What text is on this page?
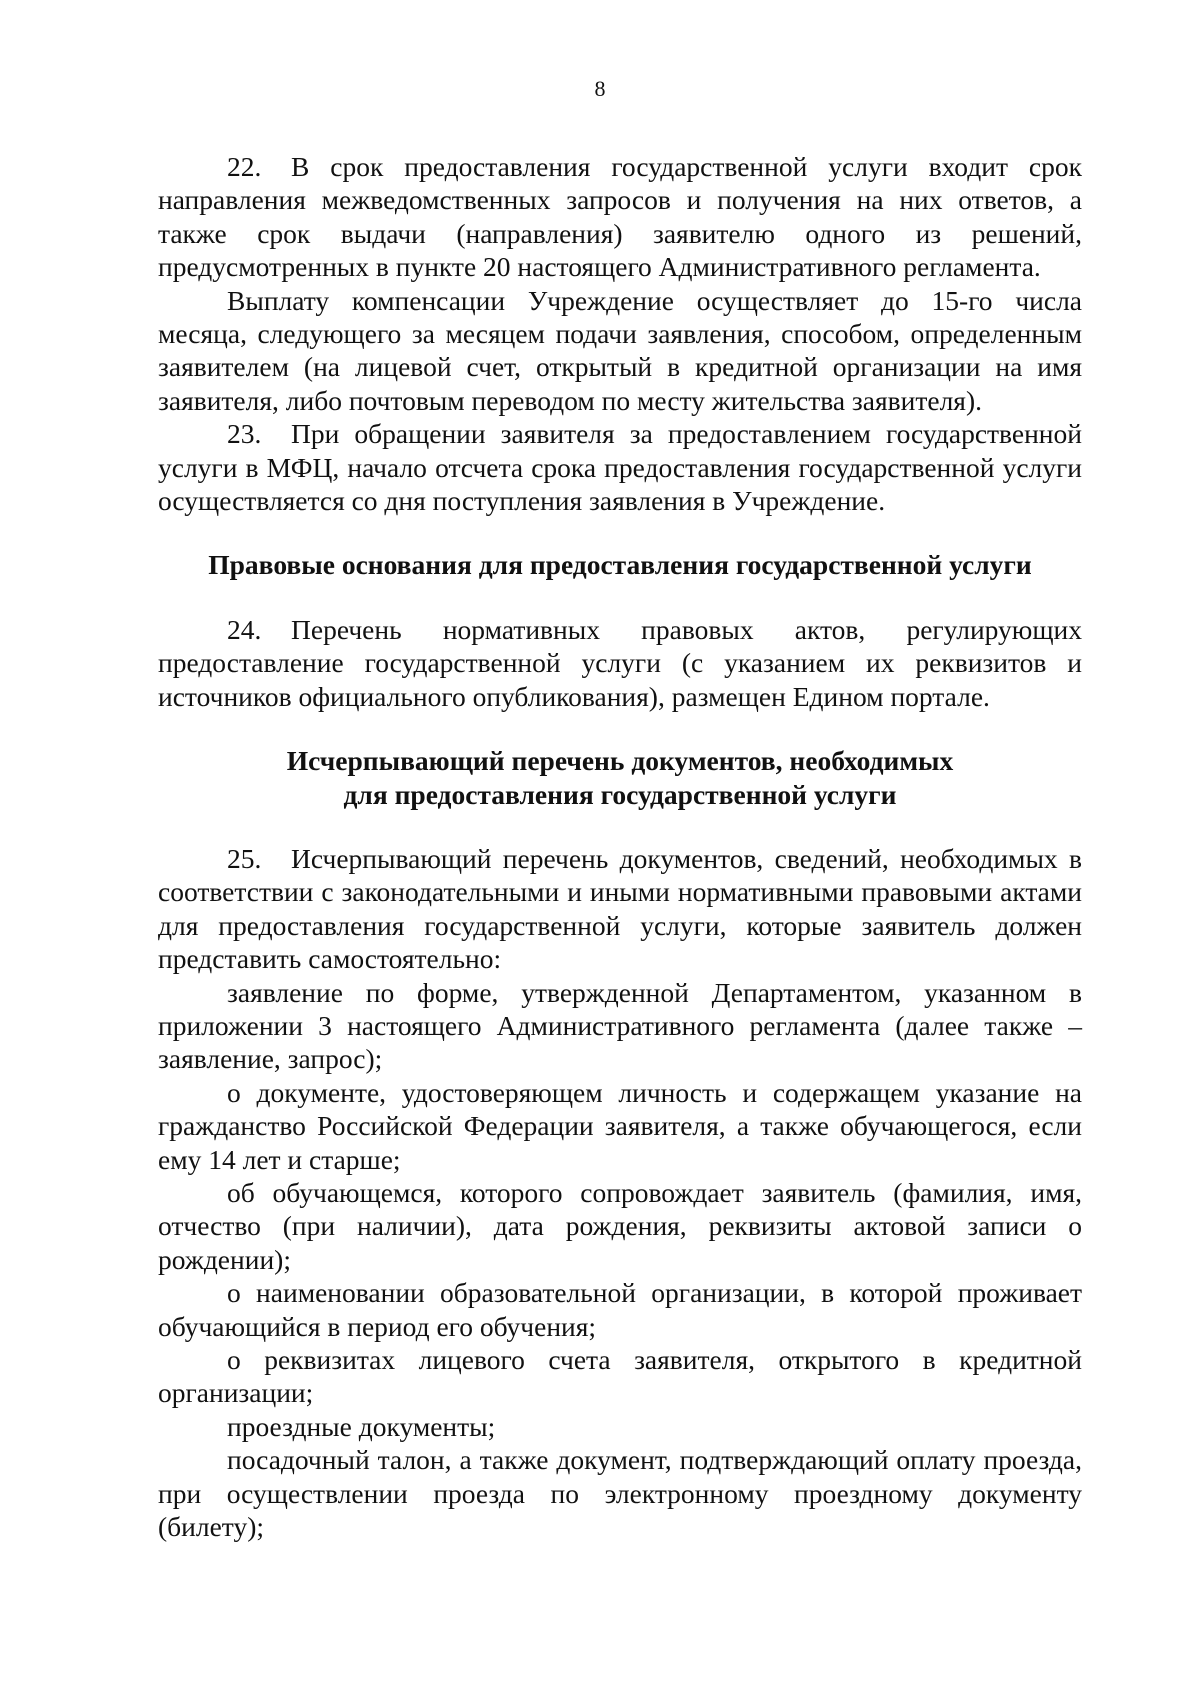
8

22. В срок предоставления государственной услуги входит срок направления межведомственных запросов и получения на них ответов, а также срок выдачи (направления) заявителю одного из решений, предусмотренных в пункте 20 настоящего Административного регламента.

Выплату компенсации Учреждение осуществляет до 15-го числа месяца, следующего за месяцем подачи заявления, способом, определенным заявителем (на лицевой счет, открытый в кредитной организации на имя заявителя, либо почтовым переводом по месту жительства заявителя).

23. При обращении заявителя за предоставлением государственной услуги в МФЦ, начало отсчета срока предоставления государственной услуги осуществляется со дня поступления заявления в Учреждение.

Правовые основания для предоставления государственной услуги

24. Перечень нормативных правовых актов, регулирующих предоставление государственной услуги (с указанием их реквизитов и источников официального опубликования), размещен Едином портале.

Исчерпывающий перечень документов, необходимых
для предоставления государственной услуги

25. Исчерпывающий перечень документов, сведений, необходимых в соответствии с законодательными и иными нормативными правовыми актами для предоставления государственной услуги, которые заявитель должен представить самостоятельно:

заявление по форме, утвержденной Департаментом, указанном в приложении 3 настоящего Административного регламента (далее также – заявление, запрос);

о документе, удостоверяющем личность и содержащем указание на гражданство Российской Федерации заявителя, а также обучающегося, если ему 14 лет и старше;

об обучающемся, которого сопровождает заявитель (фамилия, имя, отчество (при наличии), дата рождения, реквизиты актовой записи о рождении);

о наименовании образовательной организации, в которой проживает обучающийся в период его обучения;

о реквизитах лицевого счета заявителя, открытого в кредитной организации;

проездные документы;

посадочный талон, а также документ, подтверждающий оплату проезда, при осуществлении проезда по электронному проездному документу (билету);
